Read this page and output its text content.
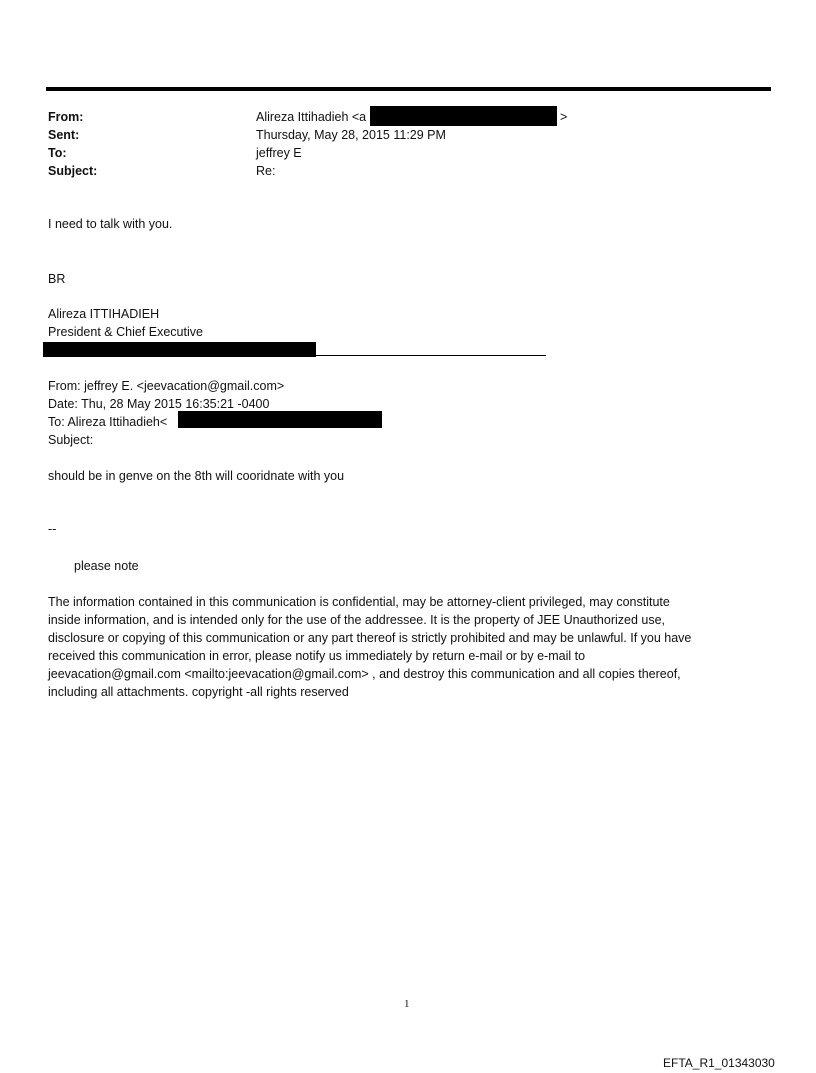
From:	Alireza Ittihadieh <a	>
Sent:	Thursday, May 28, 2015 11:29 PM
To:	jeffrey E
Subject:	Re:
I need to talk with you.
BR
Alireza ITTIHADIEH
President & Chief Executive
From: jeffrey E. <jeevacation@gmail.com>
Date: Thu, 28 May 2015 16:35:21 -0400
To: Alireza Ittihadieh<
Subject:
should be in genve on the 8th will cooridnate with you
--
please note
The information contained in this communication is confidential, may be attorney-client privileged, may constitute
inside information, and is intended only for the use of the addressee. It is the property of JEE Unauthorized use,
disclosure or copying of this communication or any part thereof is strictly prohibited and may be unlawful. If you have
received this communication in error, please notify us immediately by return e-mail or by e-mail to
jeevacation@gmail.com <mailto:jeevacation@gmail.com> , and destroy this communication and all copies thereof,
including all attachments. copyright -all rights reserved
1
EFTA_R1_01343030
